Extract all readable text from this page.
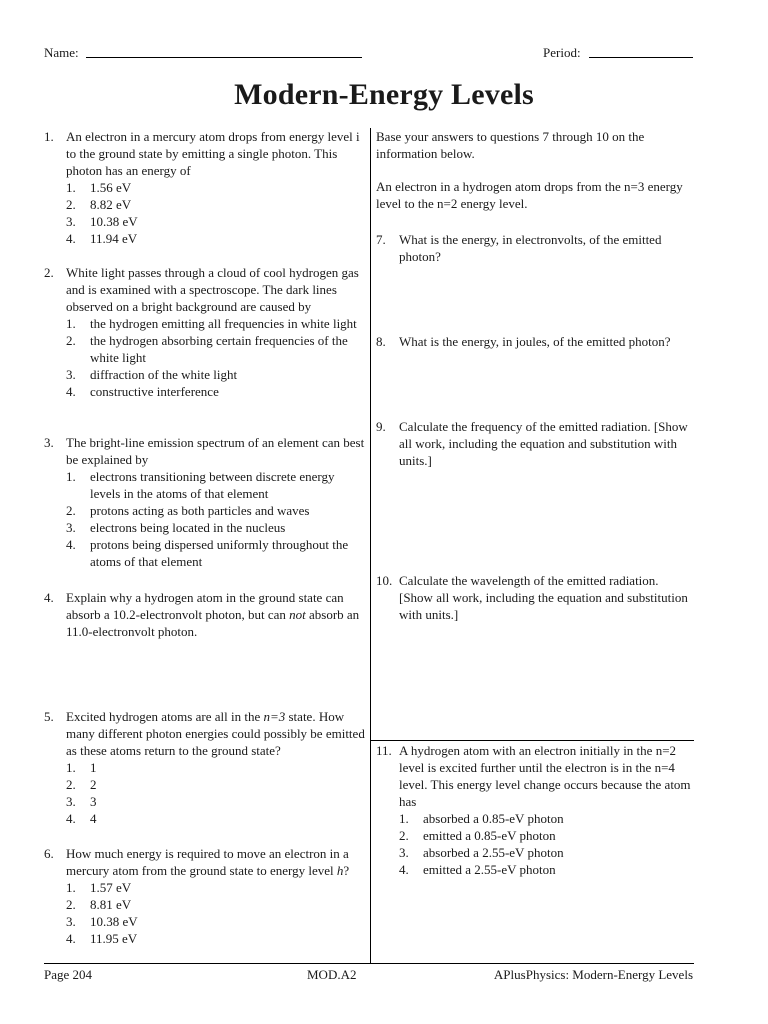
Name:	Period:
Modern-Energy Levels
1. An electron in a mercury atom drops from energy level i to the ground state by emitting a single photon. This photon has an energy of
1. 1.56 eV
2. 8.82 eV
3. 10.38 eV
4. 11.94 eV
2. White light passes through a cloud of cool hydrogen gas and is examined with a spectroscope. The dark lines observed on a bright background are caused by
1. the hydrogen emitting all frequencies in white light
2. the hydrogen absorbing certain frequencies of the white light
3. diffraction of the white light
4. constructive interference
3. The bright-line emission spectrum of an element can best be explained by
1. electrons transitioning between discrete energy levels in the atoms of that element
2. protons acting as both particles and waves
3. electrons being located in the nucleus
4. protons being dispersed uniformly throughout the atoms of that element
4. Explain why a hydrogen atom in the ground state can absorb a 10.2-electronvolt photon, but can not absorb an 11.0-electronvolt photon.
5. Excited hydrogen atoms are all in the n=3 state. How many different photon energies could possibly be emitted as these atoms return to the ground state?
1. 1
2. 2
3. 3
4. 4
6. How much energy is required to move an electron in a mercury atom from the ground state to energy level h?
1. 1.57 eV
2. 8.81 eV
3. 10.38 eV
4. 11.95 eV
Base your answers to questions 7 through 10 on the information below.
An electron in a hydrogen atom drops from the n=3 energy level to the n=2 energy level.
7. What is the energy, in electronvolts, of the emitted photon?
8. What is the energy, in joules, of the emitted photon?
9. Calculate the frequency of the emitted radiation. [Show all work, including the equation and substitution with units.]
10. Calculate the wavelength of the emitted radiation. [Show all work, including the equation and substitution with units.]
11. A hydrogen atom with an electron initially in the n=2 level is excited further until the electron is in the n=4 level. This energy level change occurs because the atom has
1. absorbed a 0.85-eV photon
2. emitted a 0.85-eV photon
3. absorbed a 2.55-eV photon
4. emitted a 2.55-eV photon
Page 204	MOD.A2	APlusPhysics: Modern-Energy Levels
